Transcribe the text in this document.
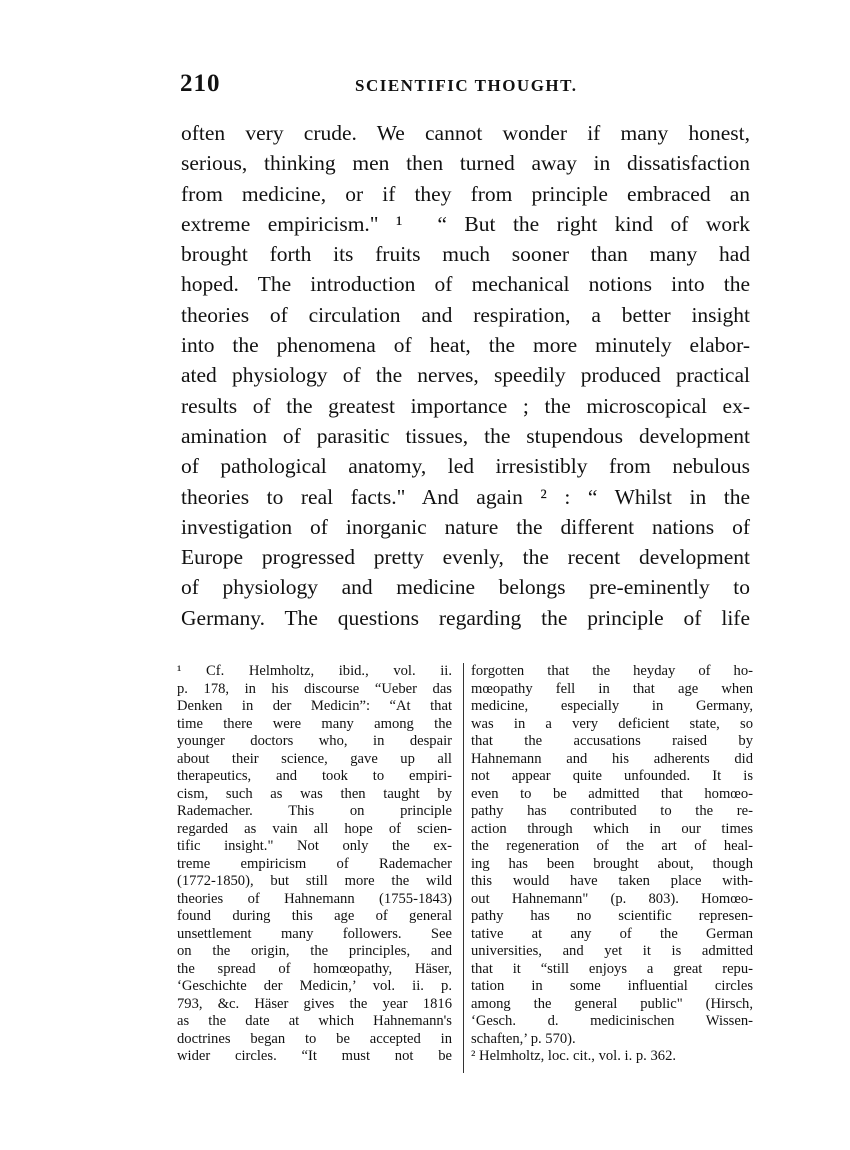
210	SCIENTIFIC THOUGHT.
often very crude. We cannot wonder if many honest,
serious, thinking men then turned away in dissatisfaction
from medicine, or if they from principle embraced an
extreme empiricism." ¹  “ But the right kind of work
brought forth its fruits much sooner than many had
hoped. The introduction of mechanical notions into the
theories of circulation and respiration, a better insight
into the phenomena of heat, the more minutely elabor-
ated physiology of the nerves, speedily produced practical
results of the greatest importance ; the microscopical ex-
amination of parasitic tissues, the stupendous development
of pathological anatomy, led irresistibly from nebulous
theories to real facts." And again ² : “ Whilst in the
investigation of inorganic nature the different nations of
Europe progressed pretty evenly, the recent development
of physiology and medicine belongs pre-eminently to
Germany. The questions regarding the principle of life
¹ Cf. Helmholtz, ibid., vol. ii.
p. 178, in his discourse “Ueber das
Denken in der Medicin”: “At that
time there were many among the
younger doctors who, in despair
about their science, gave up all
therapeutics, and took to empiri-
cism, such as was then taught by
Rademacher. This on principle
regarded as vain all hope of scien-
tific insight." Not only the ex-
treme empiricism of Rademacher
(1772-1850), but still more the wild
theories of Hahnemann (1755-1843)
found during this age of general
unsettlement many followers. See
on the origin, the principles, and
the spread of homœopathy, Häser,
‘Geschichte der Medicin,’ vol. ii. p.
793, &c. Häser gives the year 1816
as the date at which Hahnemann's
doctrines began to be accepted in
wider circles. “It must not be
forgotten that the heyday of ho-
mœopathy fell in that age when
medicine, especially in Germany,
was in a very deficient state, so
that the accusations raised by
Hahnemann and his adherents did
not appear quite unfounded. It is
even to be admitted that homœo-
pathy has contributed to the re-
action through which in our times
the regeneration of the art of heal-
ing has been brought about, though
this would have taken place with-
out Hahnemann" (p. 803). Homœo-
pathy has no scientific represen-
tative at any of the German
universities, and yet it is admitted
that it “still enjoys a great repu-
tation in some influential circles
among the general public" (Hirsch,
‘Gesch. d. medicinischen Wissen-
schaften,’ p. 570).
² Helmholtz, loc. cit., vol. i. p. 362.
